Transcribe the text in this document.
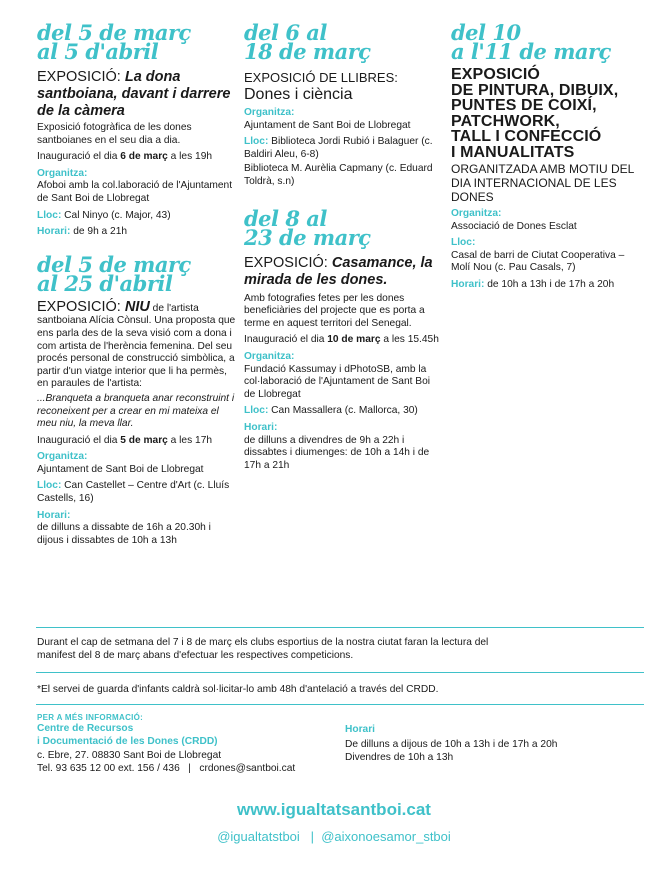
del 5 de març
al 5 d'abril

EXPOSICIÓ: La dona santboiana, davant i darrere de la càmera

Exposició fotogràfica de les dones santboianes en el seu dia a dia.

Inauguració el dia 6 de març a les 19h

Organitza:
Afoboi amb la col.laboració de l'Ajuntament de Sant Boi de Llobregat
Lloc: Cal Ninyo (c. Major, 43)
Horari: de 9h a 21h
del 5 de març
al 25 d'abril

EXPOSICIÓ: NIU de l'artista santboiana Alícia Cònsul. Una proposta que ens parla des de la seva visió com a dona i com artista de l'herència femenina. Del seu procés personal de construcció simbòlica, a partir d'un viatge interior que li ha permès, en paraules de l'artista:

...Branqueta a branqueta anar reconstruint i reconeixent per a crear en mi mateixa el meu niu, la meva llar.

Inauguració el dia 5 de març a les 17h

Organitza:
Ajuntament de Sant Boi de Llobregat
Lloc: Can Castellet – Centre d'Art (c. Lluís Castells, 16)
Horari:
de dilluns a dissabte de 16h a 20.30h i dijous i dissabtes de 10h a 13h
del 6 al
18 de març

EXPOSICIÓ DE LLIBRES:

Dones i ciència

Organitza:
Ajuntament de Sant Boi de Llobregat
Lloc: Biblioteca Jordi Rubió i Balaguer (c. Baldiri Aleu, 6-8)
Biblioteca M. Aurèlia Capmany (c. Eduard Toldrà, s.n)
del 8 al
23 de març

EXPOSICIÓ: Casamance, la mirada de les dones.

Amb fotografies fetes per les dones beneficiàries del projecte que es porta a terme en aquest territori del Senegal.

Inauguració el dia 10 de març a les 15.45h

Organitza:
Fundació Kassumay i dPhotoSB, amb la col·laboració de l'Ajuntament de Sant Boi de Llobregat
Lloc: Can Massallera (c. Mallorca, 30)
Horari:
de dilluns a divendres de 9h a 22h i dissabtes i diumenges: de 10h a 14h i de 17h a 21h
del 10
a l'11 de març

EXPOSICIÓ

DE PINTURA, DIBUIX,

PUNTES DE COIXÍ,

PATCHWORK,

TALL I CONFECCIÓ

I MANUALITATS

ORGANITZADA AMB MOTIU DEL DIA INTERNACIONAL DE LES DONES

Organitza:
Associació de Dones Esclat
Lloc:
Casal de barri de Ciutat Cooperativa – Molí Nou (c. Pau Casals, 7)
Horari: de 10h a 13h i de 17h a 20h
Durant el cap de setmana del 7 i 8 de març els clubs esportius de la nostra ciutat faran la lectura del manifest del 8 de març abans d'efectuar les respectives competicions.
*El servei de guarda d'infants caldrà sol·licitar-lo amb 48h d'antelació a través del CRDD.
PER A MÉS INFORMACIÓ:
Centre de Recursos
i Documentació de les Dones (CRDD)
c. Ebre, 27. 08830 Sant Boi de Llobregat
Tel. 93 635 12 00 ext. 156 / 436   |   crdones@santboi.cat
Horari
De dilluns a dijous de 10h a 13h i de 17h a 20h
Divendres de 10h a 13h
www.igualtatsantboi.cat
@igualtatstboi   |  @aixonoesamor_stboi
